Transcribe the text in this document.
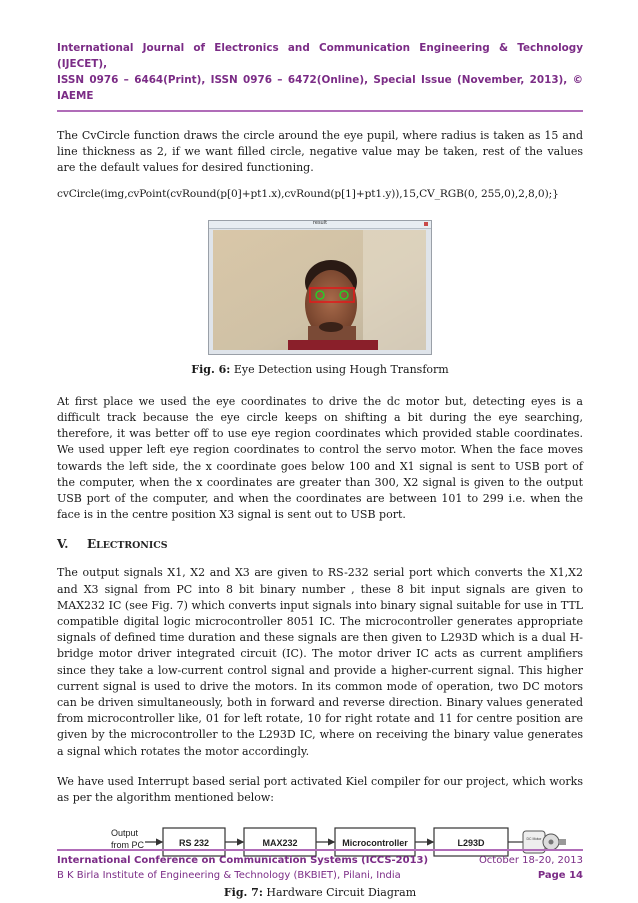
International Journal of Electronics and Communication Engineering & Technology (IJECET),
ISSN 0976 – 6464(Print), ISSN 0976 – 6472(Online), Special Issue (November, 2013), © IAEME

The CvCircle function draws the circle around the eye pupil, where radius is taken as 15 and line thickness as 2, if we want filled circle, negative value may be taken, rest of the values are the default values for desired functioning.

cvCircle(img,cvPoint(cvRound(p[0]+pt1.x),cvRound(p[1]+pt1.y)),15,CV_RGB(0, 255,0),2,8,0);}

result
Fig. 6: Eye Detection using Hough Transform

At first place we used the eye coordinates to drive the dc motor but, detecting eyes is a difficult track because the eye circle keeps on shifting a bit during the eye searching, therefore, it was better off to use eye region coordinates which provided stable coordinates. We used upper left eye region coordinates to control the servo motor. When the face moves towards the left side, the x coordinate goes below 100 and X1 signal is sent to USB port of the computer, when the x coordinates are greater than 300, X2 signal is given to the output USB port of the computer, and when the coordinates are between 101 to 299 i.e. when the face is in the centre position X3 signal is sent out to USB port.

V. ELECTRONICS

The output signals X1, X2 and X3 are given to RS-232 serial port which converts the X1,X2 and X3 signal from PC into 8 bit binary number , these 8 bit input signals are given to MAX232 IC (see Fig. 7) which converts input signals into binary signal suitable for use in TTL compatible digital logic microcontroller 8051 IC. The microcontroller generates appropriate signals of defined time duration and these signals are then given to L293D which is a dual H-bridge motor driver integrated circuit (IC). The motor driver IC acts as current amplifiers since they take a low-current control signal and provide a higher-current signal. This higher current signal is used to drive the motors. In its common mode of operation, two DC motors can be driven simultaneously, both in forward and reverse direction. Binary values generated from microcontroller like, 01 for left rotate, 10 for right rotate and 11 for centre position are given by the microcontroller to the L293D IC, where on receiving the binary value generates a signal which rotates the motor accordingly.

We have used Interrupt based serial port activated Kiel compiler for our project, which works as per the algorithm mentioned below:

Output
from PC	RS 232	MAX232	Microcontroller	L293D	DC Motor
Fig. 7: Hardware Circuit Diagram
International Conference on Communication Systems (ICCS-2013)	October 18-20, 2013
B K Birla Institute of Engineering & Technology (BKBIET), Pilani, India	Page 14
